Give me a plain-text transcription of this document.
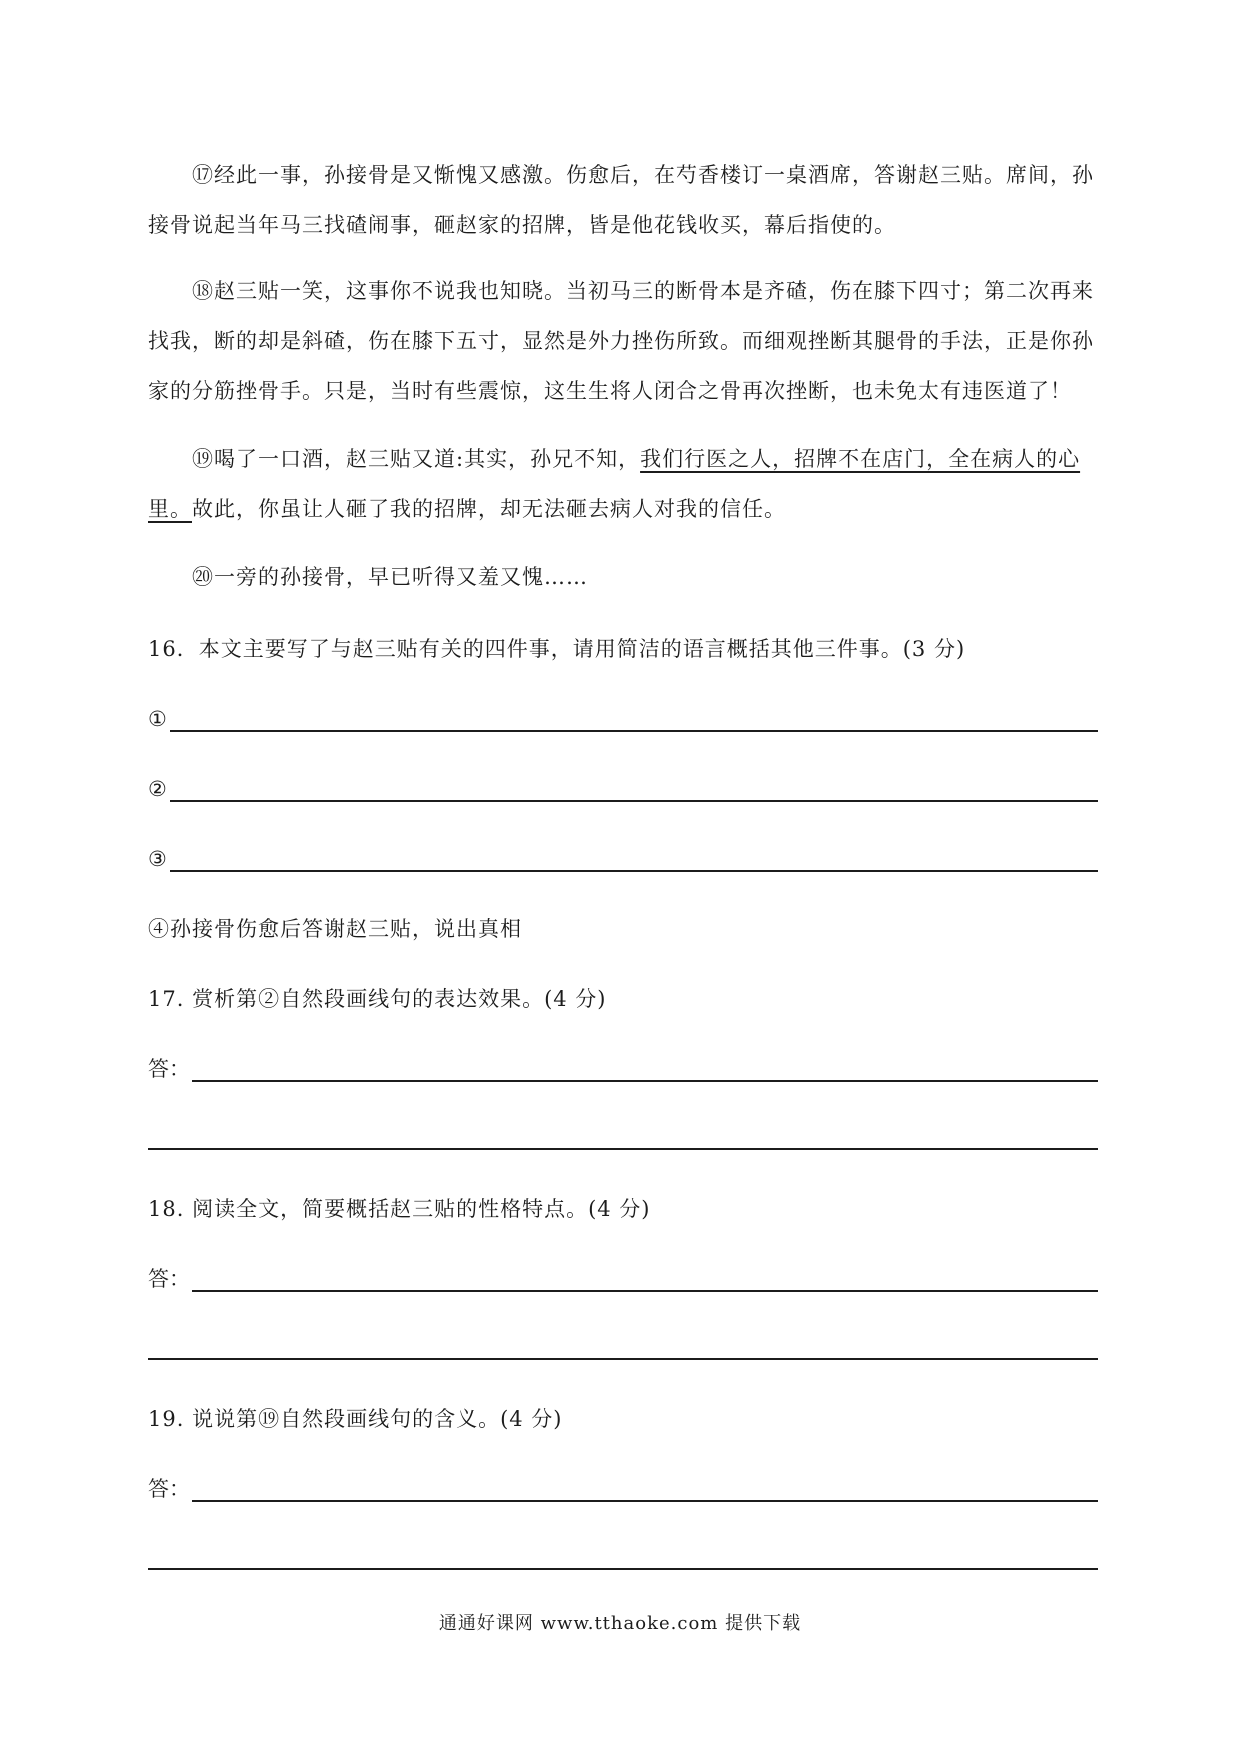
⑰经此一事，孙接骨是又惭愧又感激。伤愈后，在芍香楼订一桌酒席，答谢赵三贴。席间，孙接骨说起当年马三找碴闹事，砸赵家的招牌，皆是他花钱收买，幕后指使的。

⑱赵三贴一笑，这事你不说我也知晓。当初马三的断骨本是齐碴，伤在膝下四寸；第二次再来找我，断的却是斜碴，伤在膝下五寸，显然是外力挫伤所致。而细观挫断其腿骨的手法，正是你孙家的分筋挫骨手。只是，当时有些震惊，这生生将人闭合之骨再次挫断，也未免太有违医道了！

⑲喝了一口酒，赵三贴又道:其实，孙兄不知，我们行医之人，招牌不在店门，全在病人的心里。故此，你虽让人砸了我的招牌，却无法砸去病人对我的信任。

⑳一旁的孙接骨，早已听得又羞又愧……

16．本文主要写了与赵三贴有关的四件事，请用简洁的语言概括其他三件事。(3 分)

①
②
③

④孙接骨伤愈后答谢赵三贴，说出真相

17. 赏析第②自然段画线句的表达效果。(4 分)

答：

18. 阅读全文，简要概括赵三贴的性格特点。(4 分)

答：

19. 说说第⑲自然段画线句的含义。(4 分)

答：
通通好课网 www.tthaoke.com 提供下载
